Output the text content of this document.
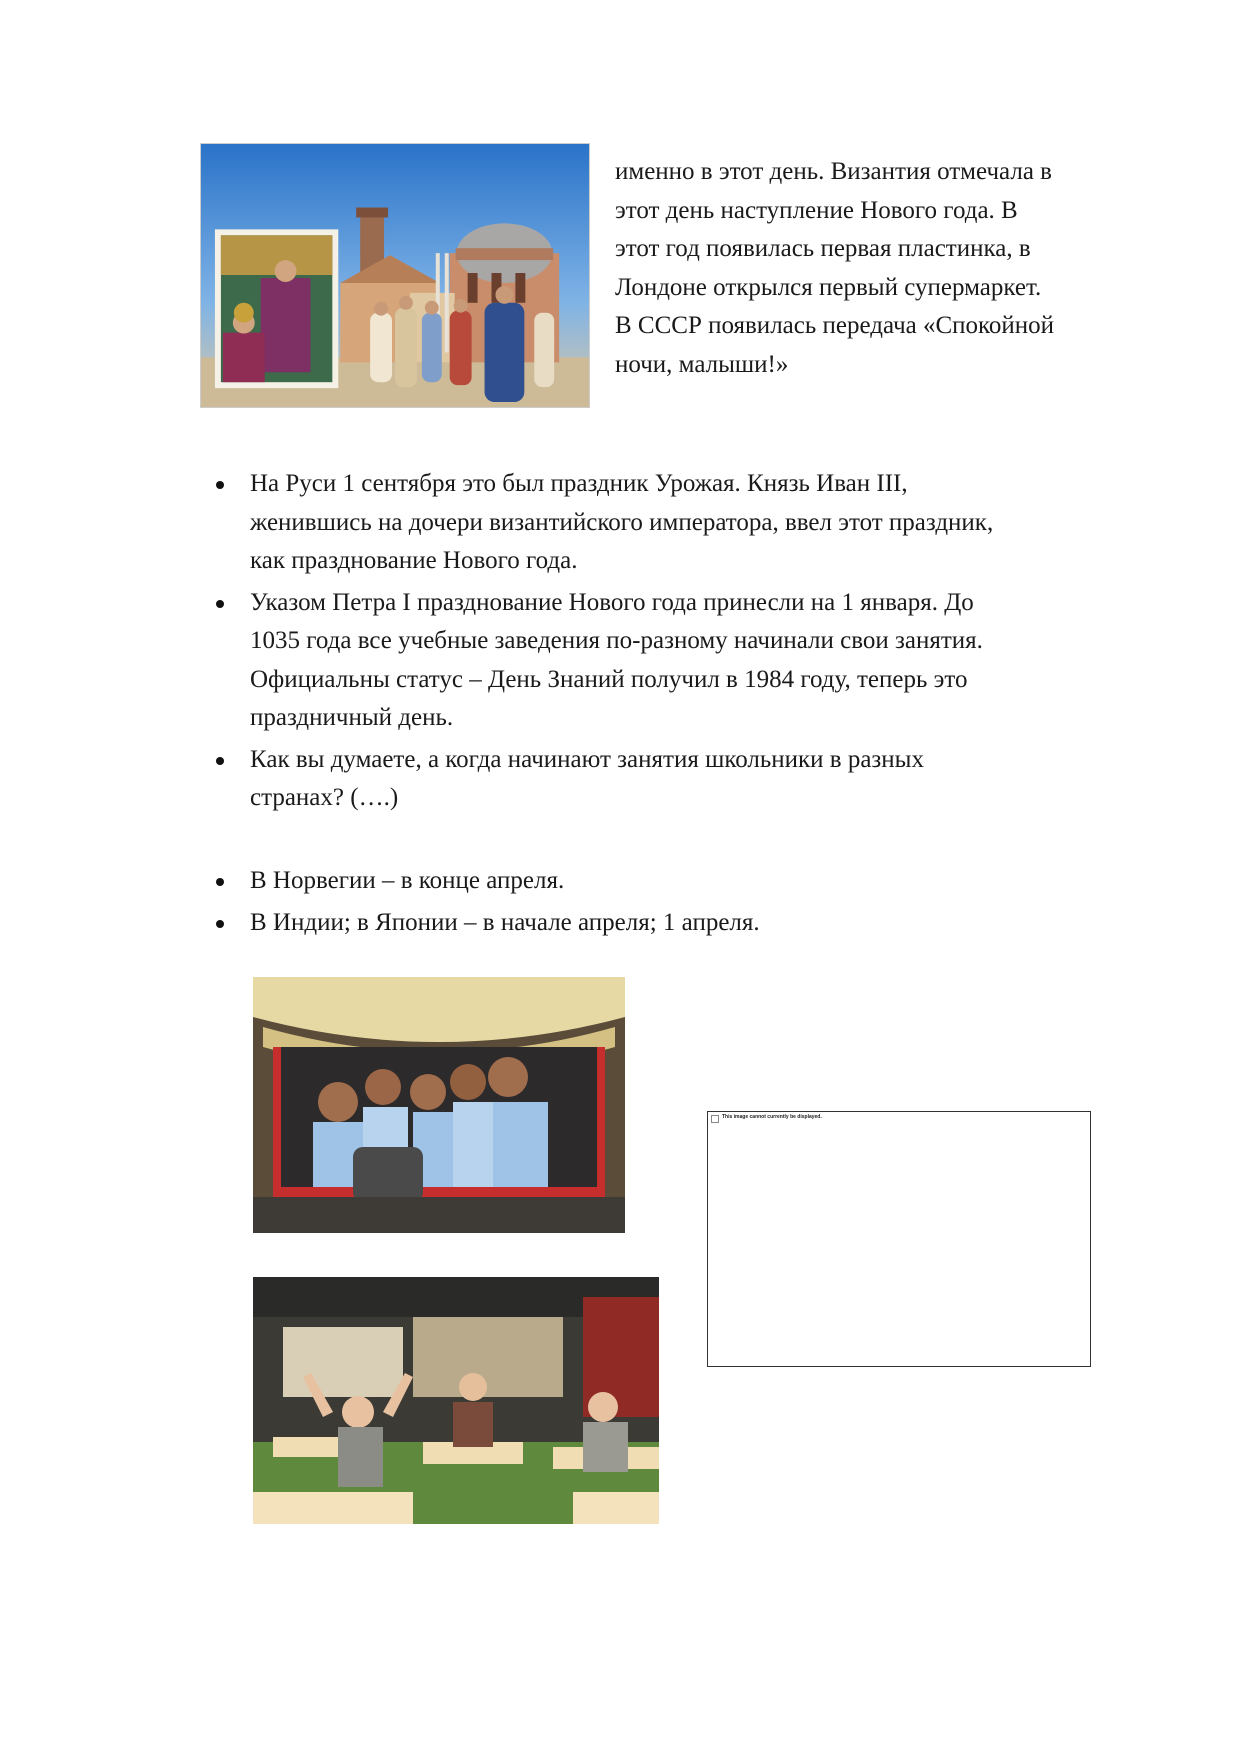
именно в этот день. Византия отмечала в

этот день наступление Нового года. В

этот год появилась первая пластинка, в

Лондоне открылся первый супермаркет.

В СССР появилась передача «Спокойной

ночи, малыши!»

На Руси 1 сентября это был праздник Урожая. Князь Иван III,
женившись на дочери византийского императора, ввел этот праздник,
как празднование Нового года.
Указом Петра I празднование Нового года принесли на 1 января. До
1035 года все учебные заведения по-разному начинали свои занятия.
Официальны статус – День Знаний получил в 1984 году, теперь это
праздничный день.
Как вы думаете, а когда начинают занятия школьники в разных
странах? (….)
В Норвегии – в конце апреля.
В Индии; в Японии – в начале апреля; 1 апреля.
This image cannot currently be displayed.
